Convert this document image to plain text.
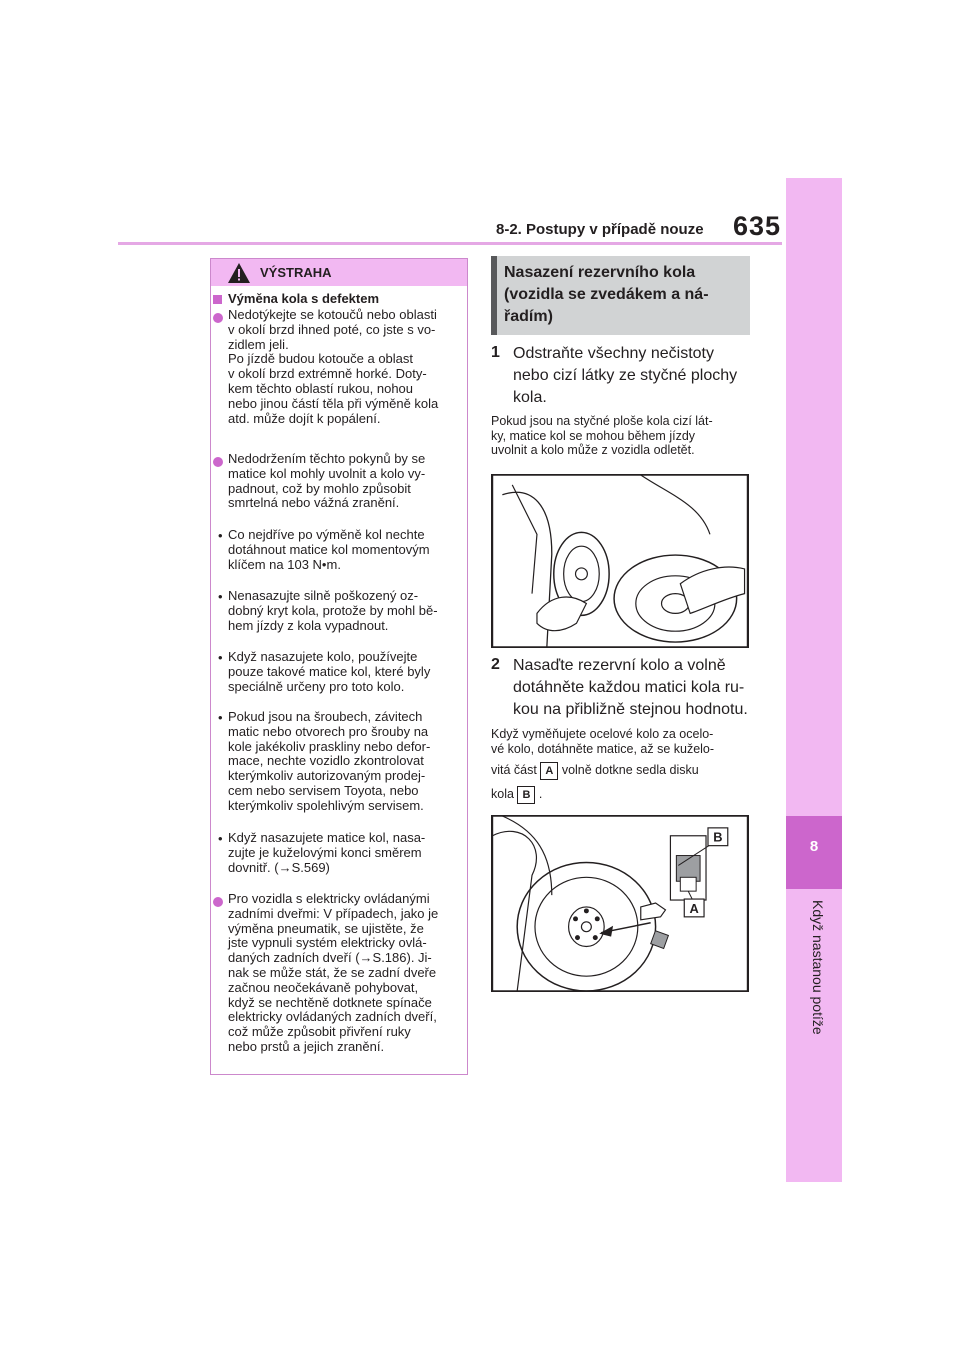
8-2. Postupy v případě nouze 635
8
Když nastanou potíže
VÝSTRAHA
Výměna kola s defektem
Nedotýkejte se kotoučů nebo oblasti
v okolí brzd ihned poté, co jste s vo-
zidlem jeli.
Po jízdě budou kotouče a oblast
v okolí brzd extrémně horké. Doty-
kem těchto oblastí rukou, nohou
nebo jinou částí těla při výměně kola
atd. může dojít k popálení.
Nedodržením těchto pokynů by se
matice kol mohly uvolnit a kolo vy-
padnout, což by mohlo způsobit
smrtelná nebo vážná zranění.
• Co nejdříve po výměně kol nechte
dotáhnout matice kol momentovým
klíčem na 103 N•m.
• Nenasazujte silně poškozený oz-
dobný kryt kola, protože by mohl bě-
hem jízdy z kola vypadnout.
• Když nasazujete kolo, používejte
pouze takové matice kol, které byly
speciálně určeny pro toto kolo.
• Pokud jsou na šroubech, závitech
matic nebo otvorech pro šrouby na
kole jakékoliv praskliny nebo defor-
mace, nechte vozidlo zkontrolovat
kterýmkoliv autorizovaným prodej-
cem nebo servisem Toyota, nebo
kterýmkoliv spolehlivým servisem.
• Když nasazujete matice kol, nasa-
zujte je kuželovými konci směrem
dovnitř. (→S.569)
Pro vozidla s elektricky ovládanými
zadními dveřmi: V případech, jako je
výměna pneumatik, se ujistěte, že
jste vypnuli systém elektricky ovlá-
daných zadních dveří (→S.186). Ji-
nak se může stát, že se zadní dveře
začnou neočekávaně pohybovat,
když se nechtěně dotknete spínače
elektricky ovládaných zadních dveří,
což může způsobit přivření ruky
nebo prstů a jejich zranění.
Nasazení rezervního kola
(vozidla se zvedákem a ná-
řadím)
1 Odstraňte všechny nečistoty
nebo cizí látky ze styčné plochy
kola.
Pokud jsou na styčné ploše kola cizí lát-
ky, matice kol se mohou během jízdy
uvolnit a kolo může z vozidla odletět.
2 Nasaďte rezervní kolo a volně
dotáhněte každou matici kola ru-
kou na přibližně stejnou hodnotu.
Když vyměňujete ocelové kolo za ocelo-
vé kolo, dotáhněte matice, až se kuželo-
vitá část A volně dotkne sedla disku
kola B .
B
A
